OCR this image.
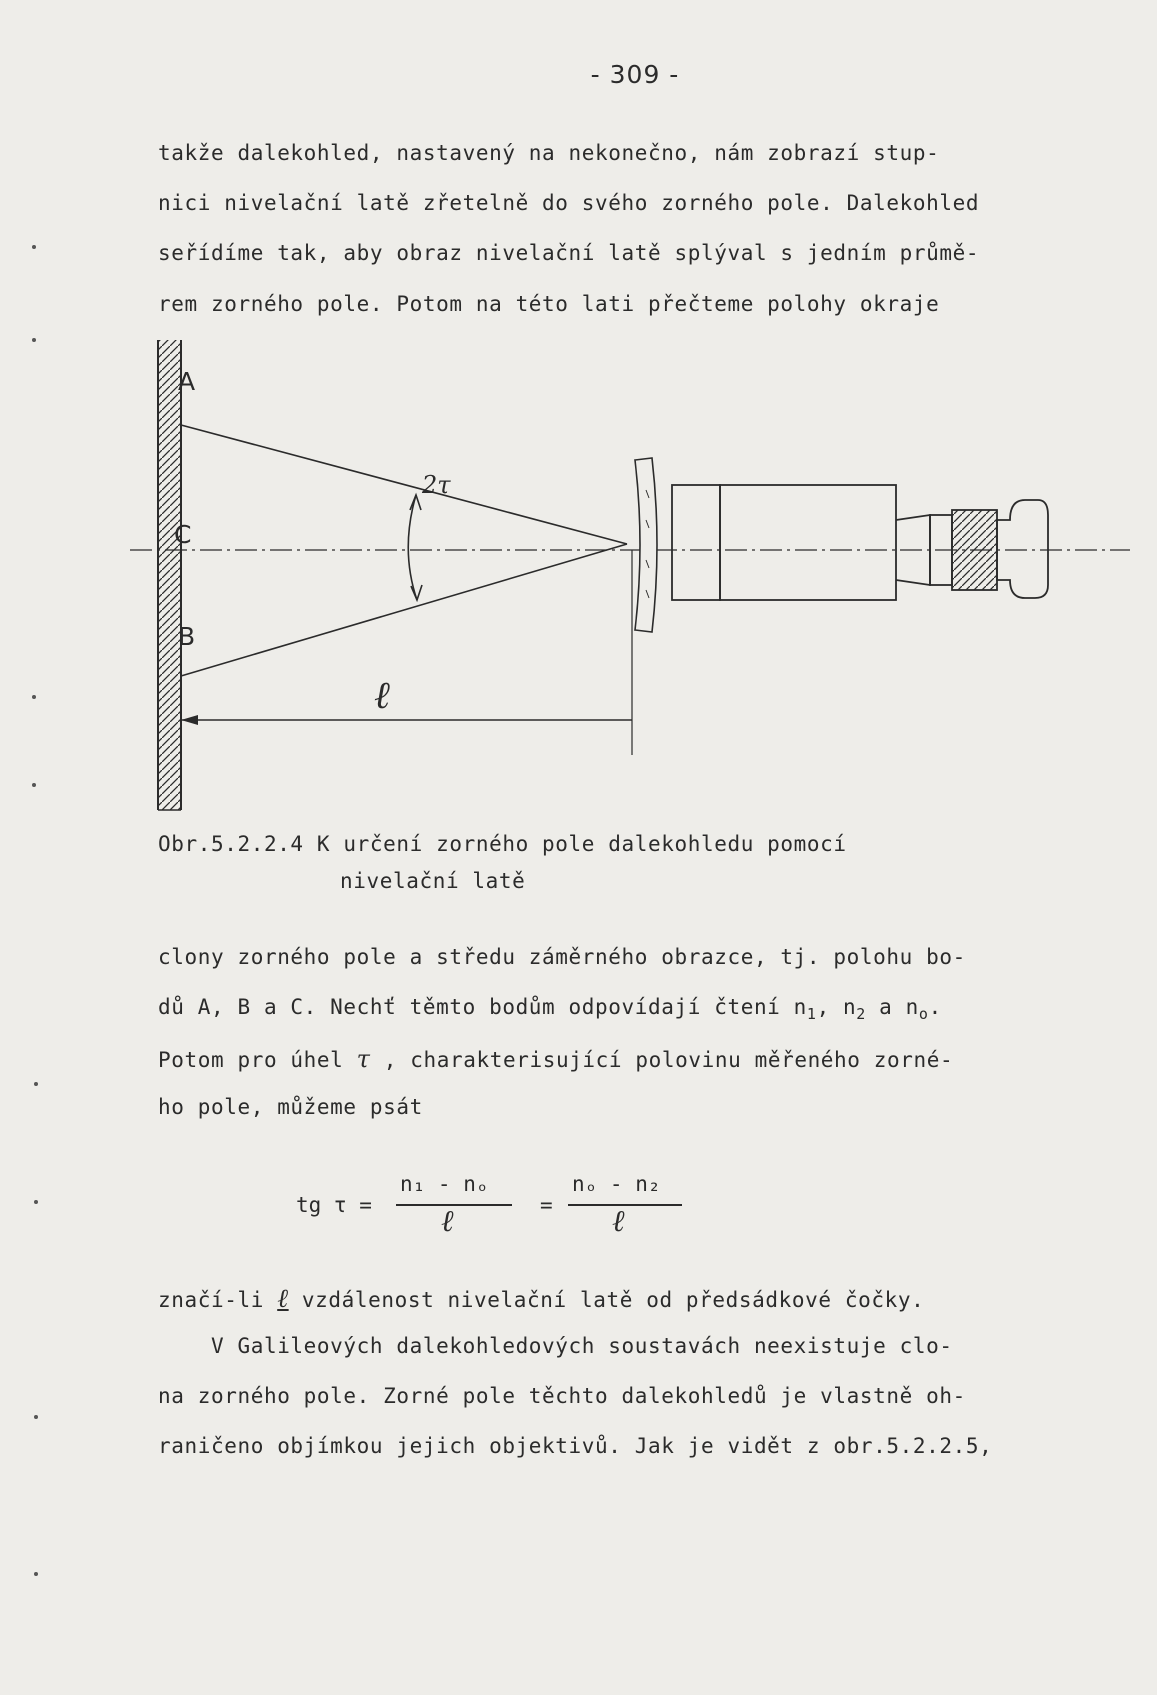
- 309 -
takže dalekohled, nastavený na nekonečno, nám zobrazí stup-
nici nivelační latě zřetelně do svého zorného pole. Dalekohled
seřídíme tak, aby obraz nivelační latě splýval s jedním průmě-
rem zorného pole. Potom na této lati přečteme polohy okraje
A
C
B
2τ
ℓ
Obr.5.2.2.4 K určení zorného pole dalekohledu pomocí
nivelační latě
clony zorného pole a středu záměrného obrazce, tj. polohu bo-
dů A, B a C. Nechť těmto bodům odpovídají čtení $n_1$, $n_2$ a $n_o$.
Potom pro úhel τ , charakterisující polovinu měřeného zorné-
ho pole, můžeme psát
tg τ =
n₁ - nₒ
ℓ	=
nₒ - n₂
ℓ
značí-li ℓ vzdálenost nivelační latě od předsádkové čočky.
V Galileových dalekohledových soustavách neexistuje clo-
na zorného pole. Zorné pole těchto dalekohledů je vlastně oh-
raničeno objímkou jejich objektivů. Jak je vidět z obr.5.2.2.5,
